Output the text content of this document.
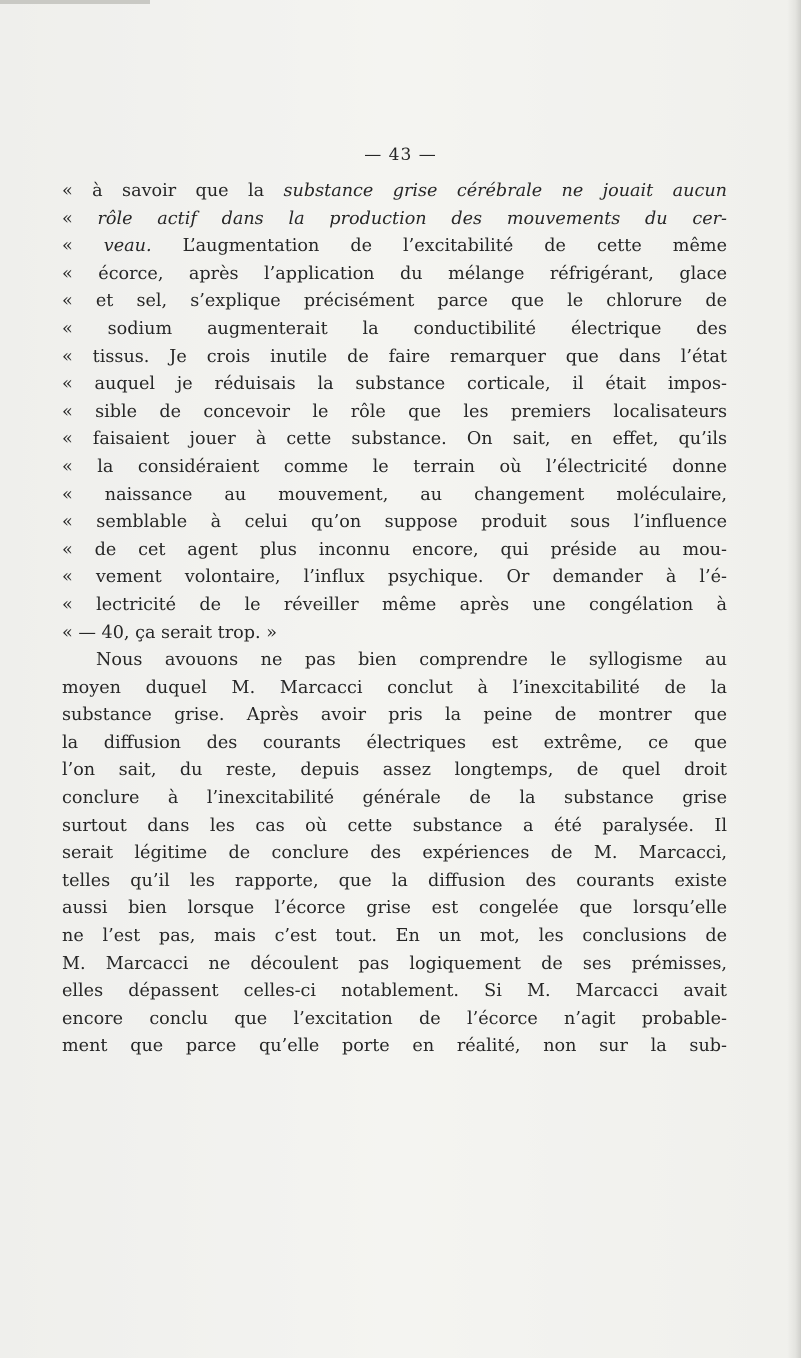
— 43 —
« à savoir que la substance grise cérébrale ne jouait aucun
« rôle actif dans la production des mouvements du cer-
« veau. L’augmentation de l’excitabilité de cette même
« écorce, après l’application du mélange réfrigérant, glace
« et sel, s’explique précisément parce que le chlorure de
« sodium augmenterait la conductibilité électrique des
« tissus. Je crois inutile de faire remarquer que dans l’état
« auquel je réduisais la substance corticale, il était impos-
« sible de concevoir le rôle que les premiers localisateurs
« faisaient jouer à cette substance. On sait, en effet, qu’ils
« la considéraient comme le terrain où l’électricité donne
« naissance au mouvement, au changement moléculaire,
« semblable à celui qu’on suppose produit sous l’influence
« de cet agent plus inconnu encore, qui préside au mou-
« vement volontaire, l’influx psychique. Or demander à l’é-
« lectricité de le réveiller même après une congélation à
« — 40, ça serait trop. »
Nous avouons ne pas bien comprendre le syllogisme au
moyen duquel M. Marcacci conclut à l’inexcitabilité de la
substance grise. Après avoir pris la peine de montrer que
la diffusion des courants électriques est extrême, ce que
l’on sait, du reste, depuis assez longtemps, de quel droit
conclure à l’inexcitabilité générale de la substance grise
surtout dans les cas où cette substance a été paralysée. Il
serait légitime de conclure des expériences de M. Marcacci,
telles qu’il les rapporte, que la diffusion des courants existe
aussi bien lorsque l’écorce grise est congelée que lorsqu’elle
ne l’est pas, mais c’est tout. En un mot, les conclusions de
M. Marcacci ne découlent pas logiquement de ses prémisses,
elles dépassent celles-ci notablement. Si M. Marcacci avait
encore conclu que l’excitation de l’écorce n’agit probable-
ment que parce qu’elle porte en réalité, non sur la sub-
